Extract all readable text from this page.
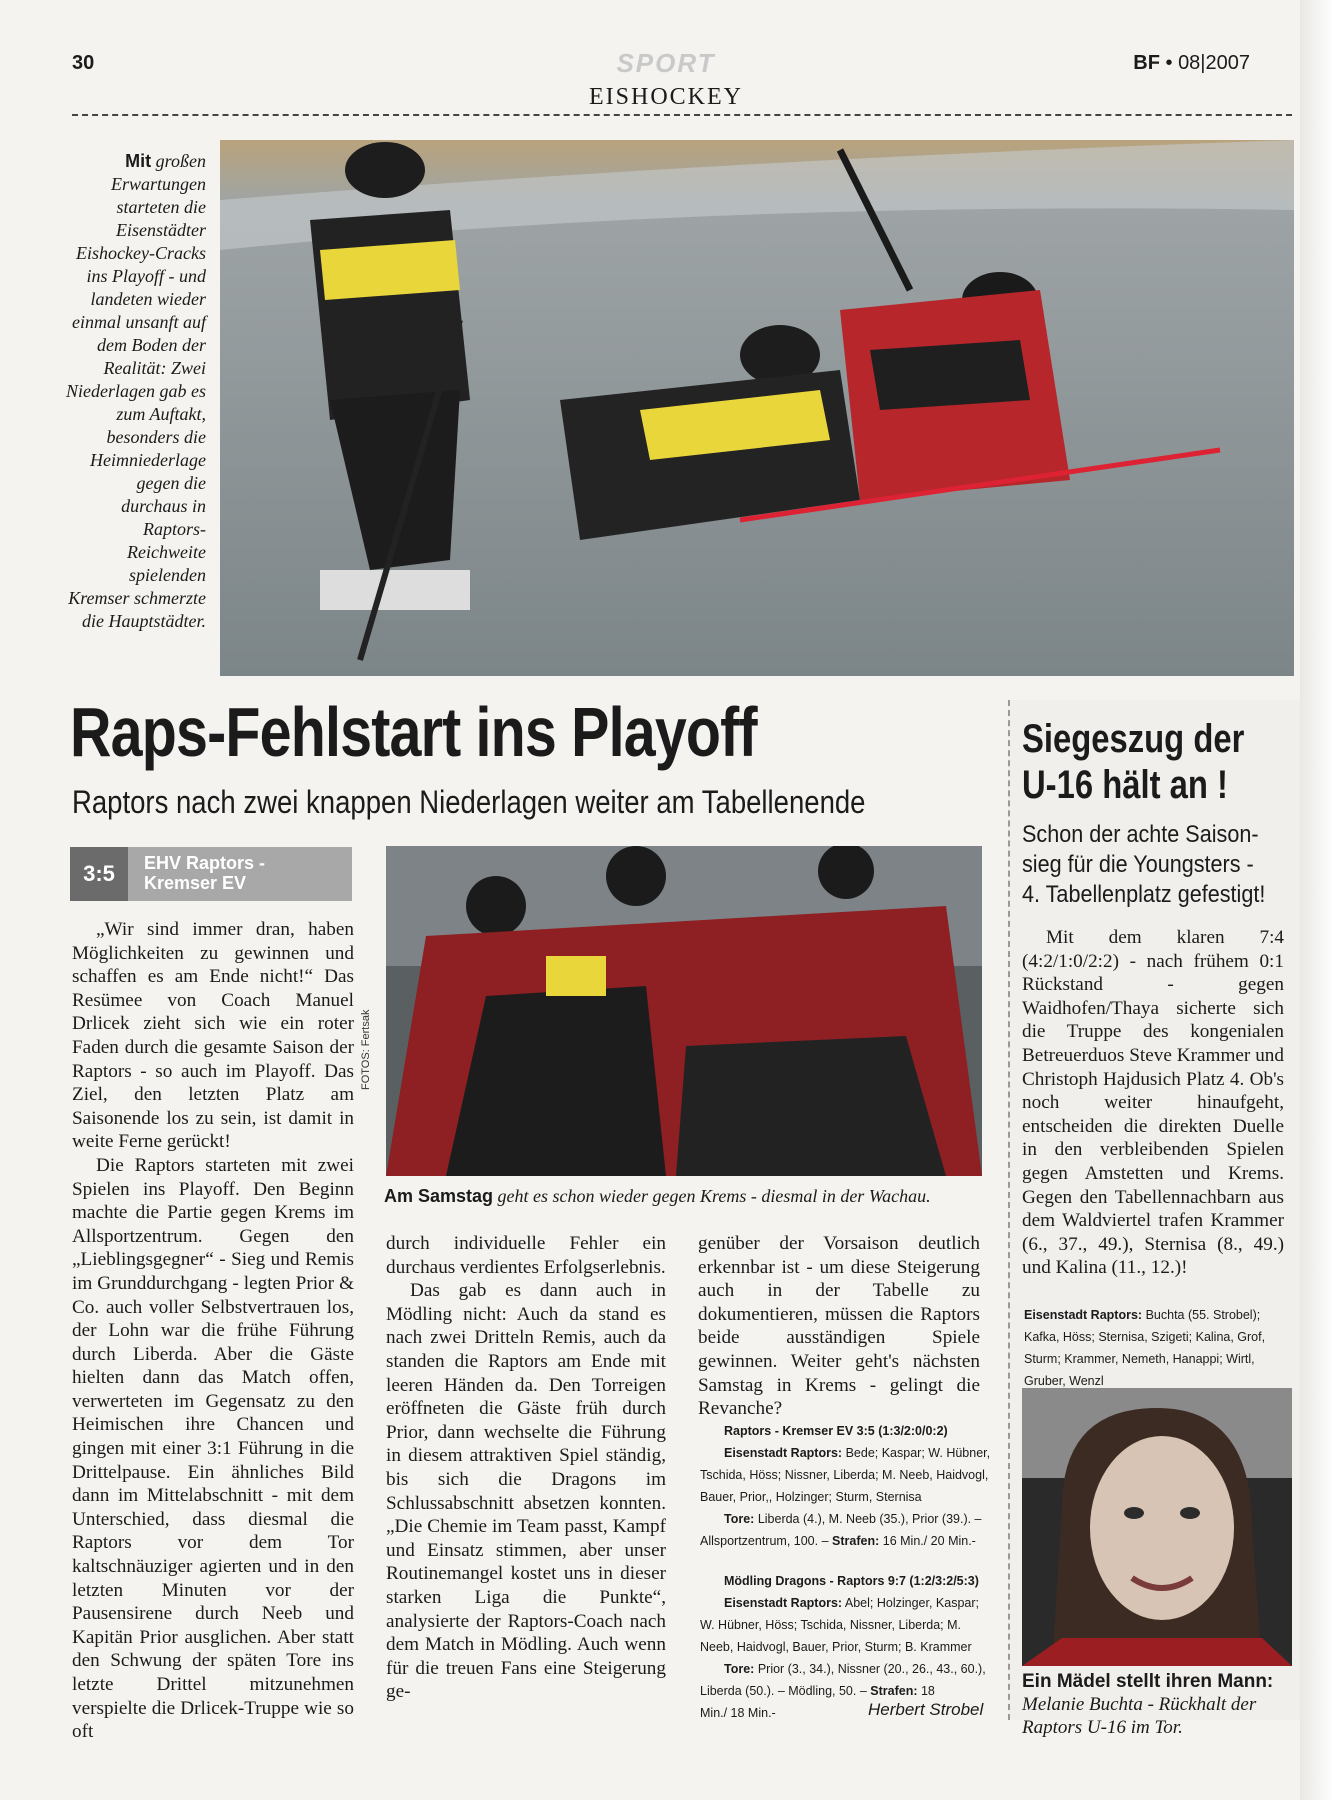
30	SPORT	BF • 08|2007
EISHOCKEY
Mit großen Erwartungen starteten die Eisenstädter Eishockey-Cracks ins Playoff - und landeten wieder einmal unsanft auf dem Boden der Realität: Zwei Niederlagen gab es zum Auftakt, besonders die Heimniederlage gegen die durchaus in Raptors-Reichweite spielenden Kremser schmerzte die Hauptstädter.
Raps-Fehlstart ins Playoff
Raptors nach zwei knappen Niederlagen weiter am Tabellenende
3:5	EHV Raptors -
Kremser EV

„Wir sind immer dran, haben Möglichkeiten zu gewinnen und schaffen es am Ende nicht!“ Das Resümee von Coach Manuel Drlicek zieht sich wie ein roter Faden durch die gesamte Saison der Raptors - so auch im Playoff. Das Ziel, den letzten Platz am Saisonende los zu sein, ist damit in weite Ferne gerückt!

Die Raptors starteten mit zwei Spielen ins Playoff. Den Beginn machte die Partie gegen Krems im Allsportzentrum. Gegen den „Lieblingsgegner“ - Sieg und Remis im Grunddurchgang - legten Prior & Co. auch voller Selbstvertrauen los, der Lohn war die frühe Führung durch Liberda. Aber die Gäste hielten dann das Match offen, verwerteten im Gegensatz zu den Heimischen ihre Chancen und gingen mit einer 3:1 Führung in die Drittelpause. Ein ähnliches Bild dann im Mittelabschnitt - mit dem Unterschied, dass diesmal die Raptors vor dem Tor kaltschnäuziger agierten und in den letzten Minuten vor der Pausensirene durch Neeb und Kapitän Prior ausglichen. Aber statt den Schwung der späten Tore ins letzte Drittel mitzunehmen verspielte die Drlicek-Truppe wie so oft

FOTOS: Fertsak
Am Samstag geht es schon wieder gegen Krems - diesmal in der Wachau.

durch individuelle Fehler ein durchaus verdientes Erfolgserlebnis.

Das gab es dann auch in Mödling nicht: Auch da stand es nach zwei Dritteln Remis, auch da standen die Raptors am Ende mit leeren Händen da. Den Torreigen eröffneten die Gäste früh durch Prior, dann wechselte die Führung in diesem attraktiven Spiel ständig, bis sich die Dragons im Schlussabschnitt absetzen konnten. „Die Chemie im Team passt, Kampf und Einsatz stimmen, aber unser Routinemangel kostet uns in dieser starken Liga die Punkte“, analysierte der Raptors-Coach nach dem Match in Mödling. Auch wenn für die treuen Fans eine Steigerung ge-

genüber der Vorsaison deutlich erkennbar ist - um diese Steigerung auch in der Tabelle zu dokumentieren, müssen die Raptors beide ausständigen Spiele gewinnen. Weiter geht's nächsten Samstag in Krems - gelingt die Revanche?

Raptors - Kremser EV 3:5 (1:3/2:0/0:2)
Eisenstadt Raptors: Bede; Kaspar; W. Hübner,
Tschida, Höss; Nissner, Liberda; M. Neeb, Haidvogl,
Bauer, Prior,, Holzinger; Sturm, Sternisa
Tore: Liberda (4.), M. Neeb (35.), Prior (39.). –
Allsportzentrum, 100. – Strafen: 16 Min./ 20 Min.-
Mödling Dragons - Raptors 9:7 (1:2/3:2/5:3)
Eisenstadt Raptors: Abel; Holzinger, Kaspar;
W. Hübner, Höss; Tschida, Nissner, Liberda; M.
Neeb, Haidvogl, Bauer, Prior, Sturm; B. Krammer
Tore: Prior (3., 34.), Nissner (20., 26., 43., 60.),
Liberda (50.). – Mödling, 50. – Strafen: 18
Min./ 18 Min.-	Herbert Strobel
Siegeszug der
U-16 hält an !
Schon der achte Saison-
sieg für die Youngsters -
4. Tabellenplatz gefestigt!

Mit dem klaren 7:4 (4:2/1:0/2:2) - nach frühem 0:1 Rückstand - gegen Waidhofen/Thaya sicherte sich die Truppe des kongenialen Betreuerduos Steve Krammer und Christoph Hajdusich Platz 4. Ob's noch weiter hinaufgeht, entscheiden die direkten Duelle in den verbleibenden Spielen gegen Amstetten und Krems. Gegen den Tabellennachbarn aus dem Waldviertel trafen Krammer (6., 37., 49.), Sternisa (8., 49.) und Kalina (11., 12.)!

Eisenstadt Raptors: Buchta (55. Strobel); Kafka, Höss; Sternisa, Szigeti; Kalina, Grof, Sturm; Krammer, Nemeth, Hanappi; Wirtl, Gruber, Wenzl
Ein Mädel stellt ihren Mann: Melanie Buchta - Rückhalt der Raptors U-16 im Tor.
